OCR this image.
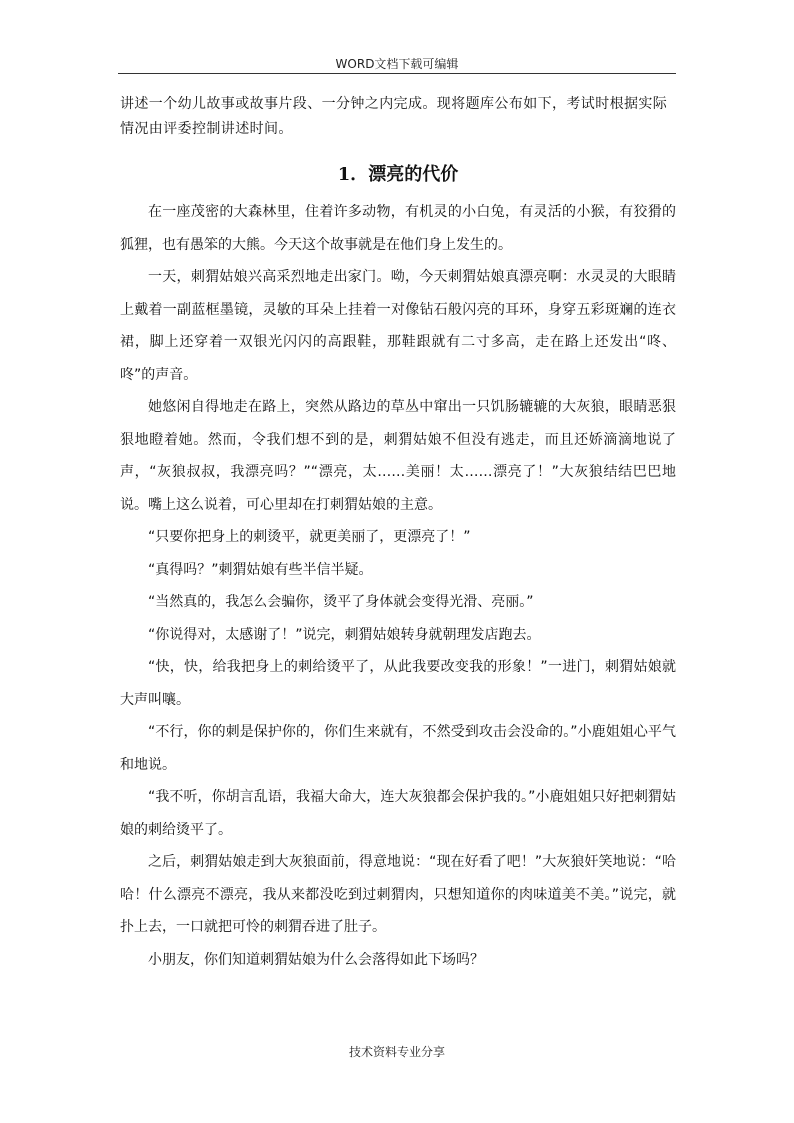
WORD文档下载可编辑

讲述一个幼儿故事或故事片段、一分钟之内完成。现将题库公布如下，考试时根据实际情况由评委控制讲述时间。

1．漂亮的代价

在一座茂密的大森林里，住着许多动物，有机灵的小白兔，有灵活的小猴，有狡猾的狐狸，也有愚笨的大熊。今天这个故事就是在他们身上发生的。

一天，刺猬姑娘兴高采烈地走出家门。呦，今天刺猬姑娘真漂亮啊：水灵灵的大眼睛上戴着一副蓝框墨镜，灵敏的耳朵上挂着一对像钻石般闪亮的耳环，身穿五彩斑斓的连衣裙，脚上还穿着一双银光闪闪的高跟鞋，那鞋跟就有二寸多高，走在路上还发出“咚、咚”的声音。

她悠闲自得地走在路上，突然从路边的草丛中窜出一只饥肠辘辘的大灰狼，眼睛恶狠狠地瞪着她。然而，令我们想不到的是，刺猬姑娘不但没有逃走，而且还娇滴滴地说了声，“灰狼叔叔，我漂亮吗？”“漂亮，太……美丽！太……漂亮了！”大灰狼结结巴巴地说。嘴上这么说着，可心里却在打刺猬姑娘的主意。

“只要你把身上的刺烫平，就更美丽了，更漂亮了！”

“真得吗？”刺猬姑娘有些半信半疑。

“当然真的，我怎么会骗你，烫平了身体就会变得光滑、亮丽。”

“你说得对，太感谢了！”说完，刺猬姑娘转身就朝理发店跑去。

“快，快，给我把身上的刺给烫平了，从此我要改变我的形象！”一进门，刺猬姑娘就大声叫嚷。

“不行，你的刺是保护你的，你们生来就有，不然受到攻击会没命的。”小鹿姐姐心平气和地说。

“我不听，你胡言乱语，我福大命大，连大灰狼都会保护我的。”小鹿姐姐只好把刺猬姑娘的刺给烫平了。

之后，刺猬姑娘走到大灰狼面前，得意地说：“现在好看了吧！”大灰狼奸笑地说：“哈哈！什么漂亮不漂亮，我从来都没吃到过刺猬肉，只想知道你的肉味道美不美。”说完，就扑上去，一口就把可怜的刺猬吞进了肚子。

小朋友，你们知道刺猬姑娘为什么会落得如此下场吗？

技术资料专业分享
